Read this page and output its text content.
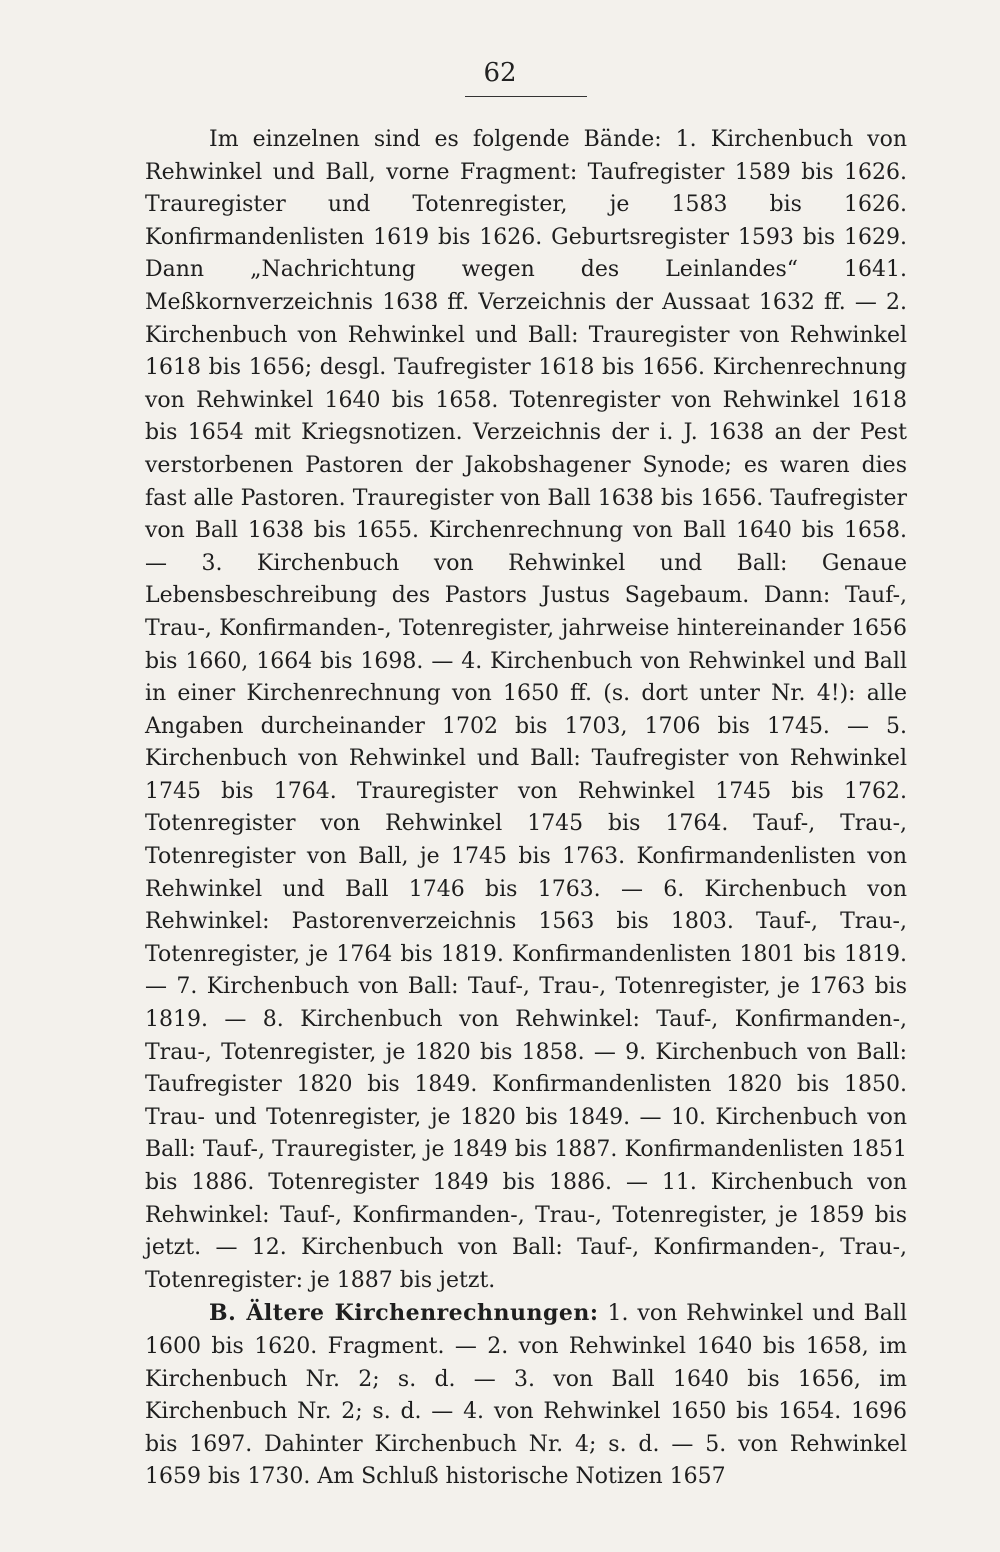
62

Im einzelnen sind es folgende Bände: 1. Kirchenbuch von Rehwinkel und Ball, vorne Fragment: Taufregister 1589 bis 1626. Trauregister und Totenregister, je 1583 bis 1626. Konfirmandenlisten 1619 bis 1626. Geburtsregister 1593 bis 1629. Dann „Nachrichtung wegen des Leinlandes“ 1641. Meßkornverzeichnis 1638 ff. Verzeichnis der Aussaat 1632 ff. — 2. Kirchenbuch von Rehwinkel und Ball: Trauregister von Rehwinkel 1618 bis 1656; desgl. Taufregister 1618 bis 1656. Kirchenrechnung von Rehwinkel 1640 bis 1658. Totenregister von Rehwinkel 1618 bis 1654 mit Kriegsnotizen. Verzeichnis der i. J. 1638 an der Pest verstorbenen Pastoren der Jakobshagener Synode; es waren dies fast alle Pastoren. Trauregister von Ball 1638 bis 1656. Taufregister von Ball 1638 bis 1655. Kirchenrechnung von Ball 1640 bis 1658. — 3. Kirchenbuch von Rehwinkel und Ball: Genaue Lebensbeschreibung des Pastors Justus Sagebaum. Dann: Tauf-, Trau-, Konfirmanden-, Totenregister, jahrweise hintereinander 1656 bis 1660, 1664 bis 1698. — 4. Kirchenbuch von Rehwinkel und Ball in einer Kirchenrechnung von 1650 ff. (s. dort unter Nr. 4!): alle Angaben durcheinander 1702 bis 1703, 1706 bis 1745. — 5. Kirchenbuch von Rehwinkel und Ball: Taufregister von Rehwinkel 1745 bis 1764. Trauregister von Rehwinkel 1745 bis 1762. Totenregister von Rehwinkel 1745 bis 1764. Tauf-, Trau-, Totenregister von Ball, je 1745 bis 1763. Konfirmandenlisten von Rehwinkel und Ball 1746 bis 1763. — 6. Kirchenbuch von Rehwinkel: Pastorenverzeichnis 1563 bis 1803. Tauf-, Trau-, Totenregister, je 1764 bis 1819. Konfirmandenlisten 1801 bis 1819. — 7. Kirchenbuch von Ball: Tauf-, Trau-, Totenregister, je 1763 bis 1819. — 8. Kirchenbuch von Rehwinkel: Tauf-, Konfirmanden-, Trau-, Totenregister, je 1820 bis 1858. — 9. Kirchenbuch von Ball: Taufregister 1820 bis 1849. Konfirmandenlisten 1820 bis 1850. Trau- und Totenregister, je 1820 bis 1849. — 10. Kirchenbuch von Ball: Tauf-, Trauregister, je 1849 bis 1887. Konfirmandenlisten 1851 bis 1886. Totenregister 1849 bis 1886. — 11. Kirchenbuch von Rehwinkel: Tauf-, Konfirmanden-, Trau-, Totenregister, je 1859 bis jetzt. — 12. Kirchenbuch von Ball: Tauf-, Konfirmanden-, Trau-, Totenregister: je 1887 bis jetzt.

B. Ältere Kirchenrechnungen: 1. von Rehwinkel und Ball 1600 bis 1620. Fragment. — 2. von Rehwinkel 1640 bis 1658, im Kirchenbuch Nr. 2; s. d. — 3. von Ball 1640 bis 1656, im Kirchenbuch Nr. 2; s. d. — 4. von Rehwinkel 1650 bis 1654. 1696 bis 1697. Dahinter Kirchenbuch Nr. 4; s. d. — 5. von Rehwinkel 1659 bis 1730. Am Schluß historische Notizen 1657
